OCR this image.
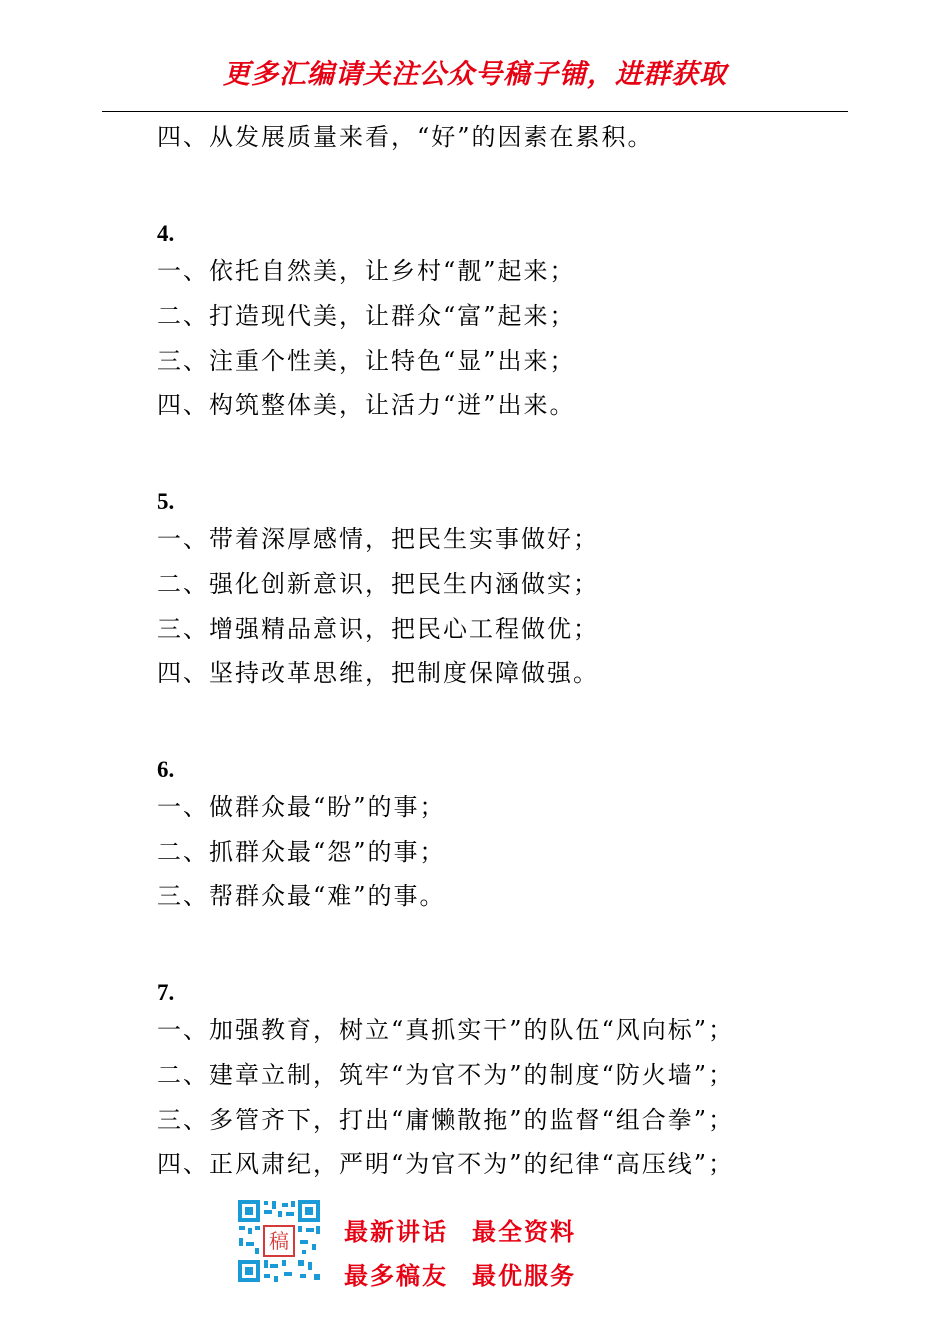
更多汇编请关注公众号稿子铺，进群获取
四、从发展质量来看，“好”的因素在累积。
4.
一、依托自然美，让乡村“靓”起来；
二、打造现代美，让群众“富”起来；
三、注重个性美，让特色“显”出来；
四、构筑整体美，让活力“迸”出来。
5.
一、带着深厚感情，把民生实事做好；
二、强化创新意识，把民生内涵做实；
三、增强精品意识，把民心工程做优；
四、坚持改革思维，把制度保障做强。
6.
一、做群众最“盼”的事；
二、抓群众最“怨”的事；
三、帮群众最“难”的事。
7.
一、加强教育，树立“真抓实干”的队伍“风向标”；
二、建章立制，筑牢“为官不为”的制度“防火墙”；
三、多管齐下，打出“庸懒散拖”的监督“组合拳”；
四、正风肃纪，严明“为官不为”的纪律“高压线”；
稿 最新讲话 最全资料
最多稿友 最优服务
